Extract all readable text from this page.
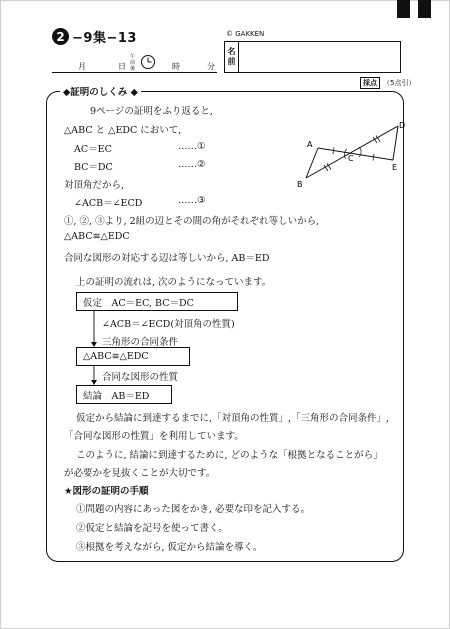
2 −9集−13	© GAKKEN
月	日
午前後	時	分
名
前
採点 （5点引）
◆証明のしくみ ◆
9ページの証明をふり返ると,
△ABC と △EDC において,
AC＝EC	……①
BC＝DC	……②
対頂角だから,
∠ACB＝∠ECD	……③
①, ②, ③より, 2組の辺とその間の角がそれぞれ等しいから,
△ABC≡△EDC
合同な図形の対応する辺は等しいから, AB＝ED
A
B
C
D
E
上の証明の流れは, 次のようになっています。
仮定　AC＝EC, BC＝DC
∠ACB＝∠ECD(対頂角の性質)
三角形の合同条件
△ABC≡△EDC
合同な図形の性質
結論　AB＝ED
仮定から結論に到達するまでに,「対頂角の性質」,「三角形の合同条件」,
「合同な図形の性質」を利用しています。
このように, 結論に到達するために, どのような「根拠となることがら」
が必要かを見抜くことが大切です。
★図形の証明の手順
①問題の内容にあった図をかき, 必要な印を記入する。
②仮定と結論を記号を使って書く。
③根拠を考えながら, 仮定から結論を導く。
